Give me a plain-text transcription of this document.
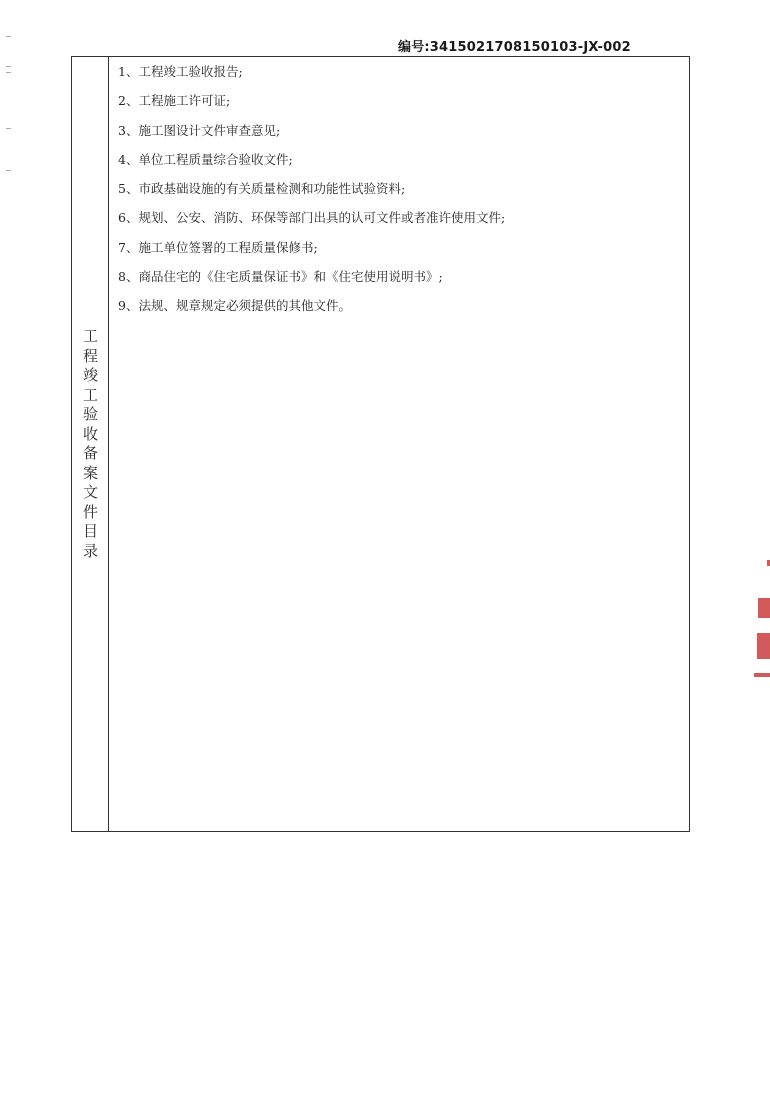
编号:3415021708150103-JX-002
工程竣工验收备案文件目录
1、工程竣工验收报告;
2、工程施工许可证;
3、施工图设计文件审查意见;
4、单位工程质量综合验收文件;
5、市政基础设施的有关质量检测和功能性试验资料;
6、规划、公安、消防、环保等部门出具的认可文件或者准许使用文件;
7、施工单位签署的工程质量保修书;
8、商品住宅的《住宅质量保证书》和《住宅使用说明书》;
9、法规、规章规定必须提供的其他文件。
